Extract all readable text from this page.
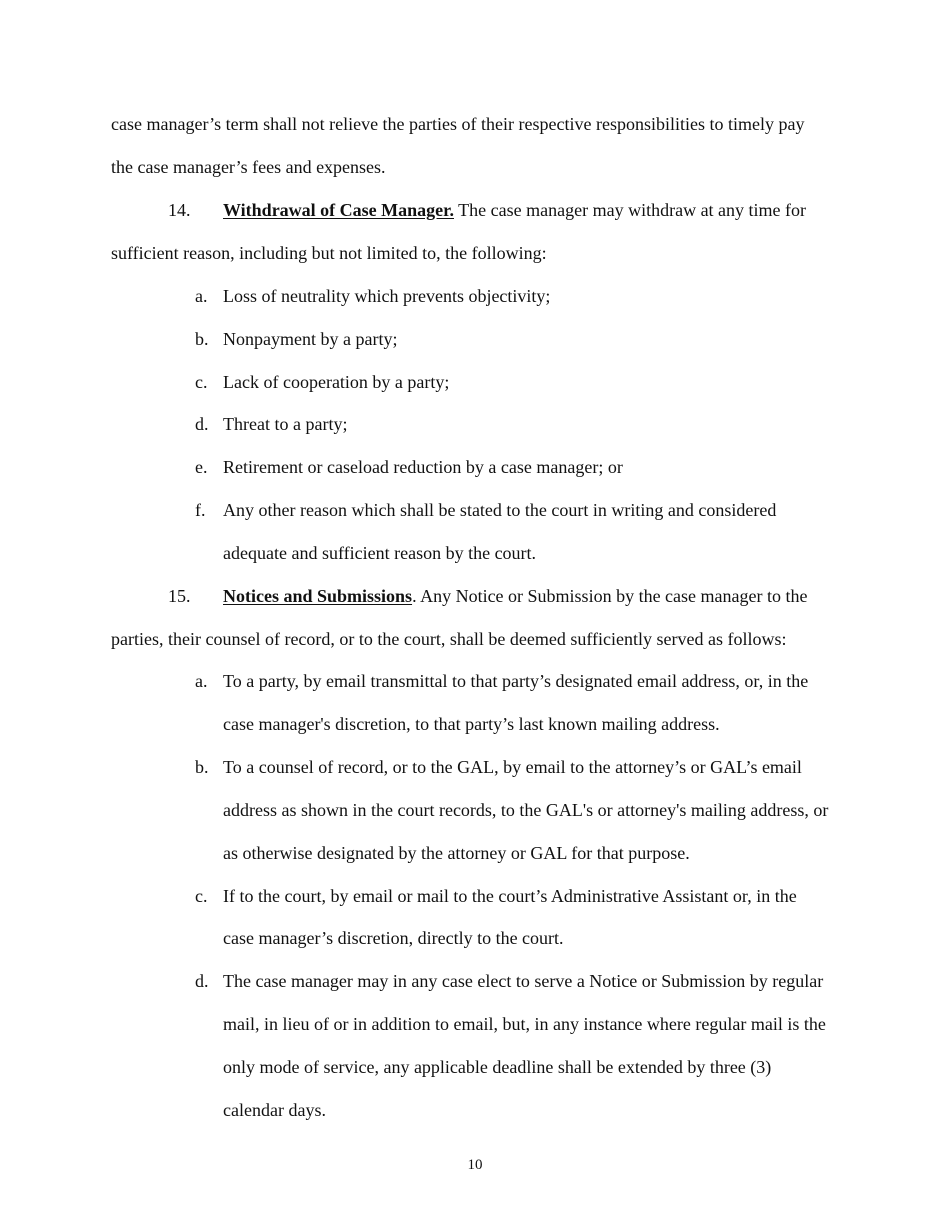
case manager’s term shall not relieve the parties of their respective responsibilities to timely pay
the case manager’s fees and expenses.
14. Withdrawal of Case Manager. The case manager may withdraw at any time for
sufficient reason, including but not limited to, the following:
a. Loss of neutrality which prevents objectivity;
b. Nonpayment by a party;
c. Lack of cooperation by a party;
d. Threat to a party;
e. Retirement or caseload reduction by a case manager; or
f. Any other reason which shall be stated to the court in writing and considered
adequate and sufficient reason by the court.
15. Notices and Submissions. Any Notice or Submission by the case manager to the
parties, their counsel of record, or to the court, shall be deemed sufficiently served as follows:
a. To a party, by email transmittal to that party’s designated email address, or, in the
case manager's discretion, to that party’s last known mailing address.
b. To a counsel of record, or to the GAL, by email to the attorney’s or GAL’s email
address as shown in the court records, to the GAL's or attorney's mailing address, or
as otherwise designated by the attorney or GAL for that purpose.
c. If to the court, by email or mail to the court’s Administrative Assistant or, in the
case manager’s discretion, directly to the court.
d. The case manager may in any case elect to serve a Notice or Submission by regular
mail, in lieu of or in addition to email, but, in any instance where regular mail is the
only mode of service, any applicable deadline shall be extended by three (3)
calendar days.
10
